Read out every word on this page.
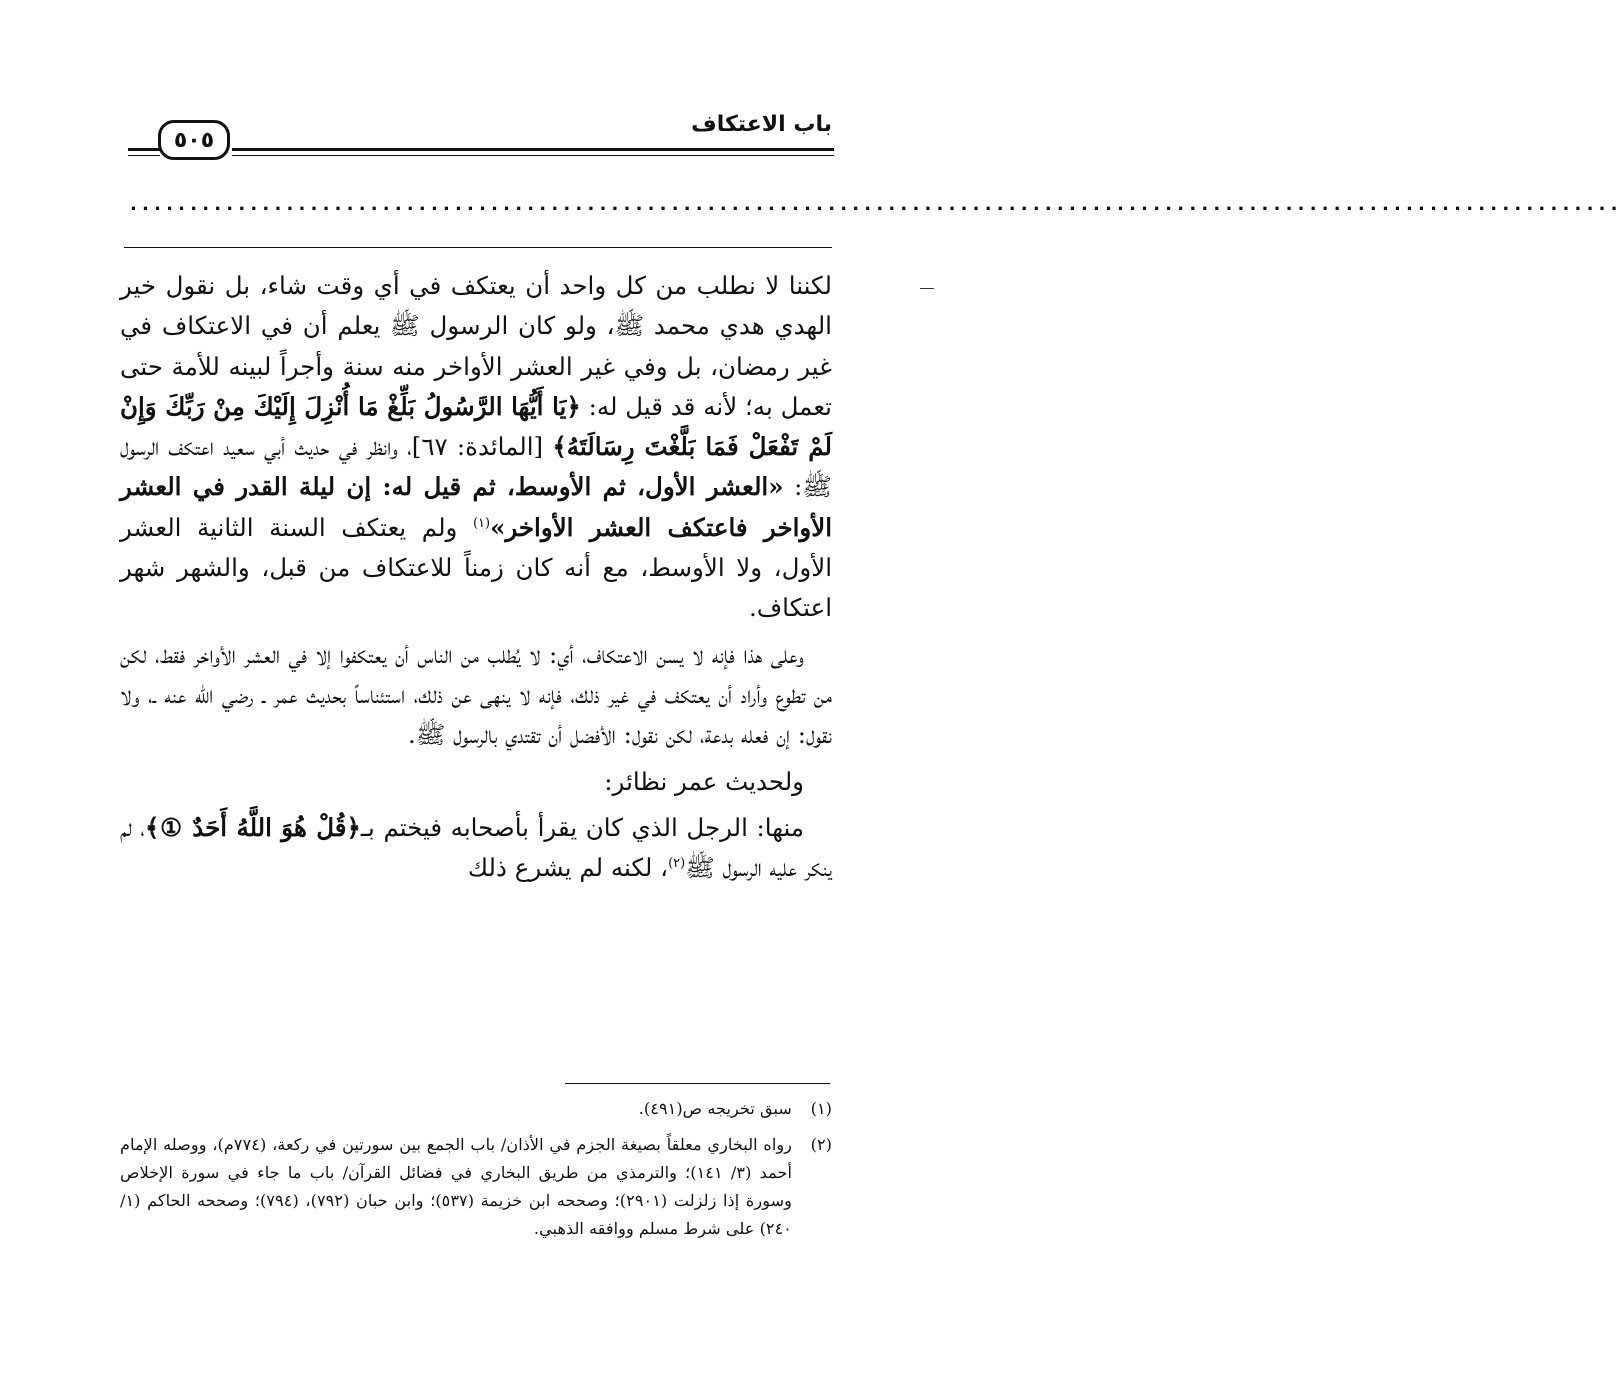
باب الاعتكاف
٥٠٥
............................................................................................................................

لكننا لا نطلب من كل واحد أن يعتكف في أي وقت شاء، بل نقول خير الهدي هدي محمد ﷺ، ولو كان الرسول ﷺ يعلم أن في الاعتكاف في غير رمضان، بل وفي غير العشر الأواخر منه سنة وأجراً لبينه للأمة حتى تعمل به؛ لأنه قد قيل له: ﴿يَا أَيُّهَا الرَّسُولُ بَلِّغْ مَا أُنْزِلَ إِلَيْكَ مِنْ رَبِّكَ وَإِنْ لَمْ تَفْعَلْ فَمَا بَلَّغْتَ رِسَالَتَهُ﴾ [المائدة: ٦٧]، وانظر في حديث أبي سعيد اعتكف الرسول ﷺ: «العشر الأول، ثم الأوسط، ثم قيل له: إن ليلة القدر في العشر الأواخر فاعتكف العشر الأواخر»$^{(١)}$ ولم يعتكف السنة الثانية العشر الأول، ولا الأوسط، مع أنه كان زمناً للاعتكاف من قبل، والشهر شهر اعتكاف.

وعلى هذا فإنه لا يسن الاعتكاف، أي: لا يُطلب من الناس أن يعتكفوا إلا في العشر الأواخر فقط، لكن من تطوع وأراد أن يعتكف في غير ذلك، فإنه لا ينهى عن ذلك، استئناساً بحديث عمر ـ رضي الله عنه ـ، ولا نقول: إن فعله بدعة، لكن نقول: الأفضل أن تقتدي بالرسول ﷺ.

ولحديث عمر نظائر:

منها: الرجل الذي كان يقرأ بأصحابه فيختم بـ﴿قُلْ هُوَ اللَّهُ أَحَدٌ ①﴾، لم ينكر عليه الرسول ﷺ$^{(٢)}$، لكنه لم يشرع ذلك

(١)
سبق تخريجه ص(٤٩١).
(٢)
رواه البخاري معلقاً بصيغة الجزم في الأذان/ باب الجمع بين سورتين في ركعة، (٧٧٤م)، ووصله الإمام أحمد (٣/ ١٤١)؛ والترمذي من طريق البخاري في فضائل القرآن/ باب ما جاء في سورة الإخلاص وسورة إذا زلزلت (٢٩٠١)؛ وصححه ابن خزيمة (٥٣٧)؛ وابن حبان (٧٩٢)، (٧٩٤)؛ وصححه الحاكم (١/ ٢٤٠) على شرط مسلم ووافقه الذهبي.
